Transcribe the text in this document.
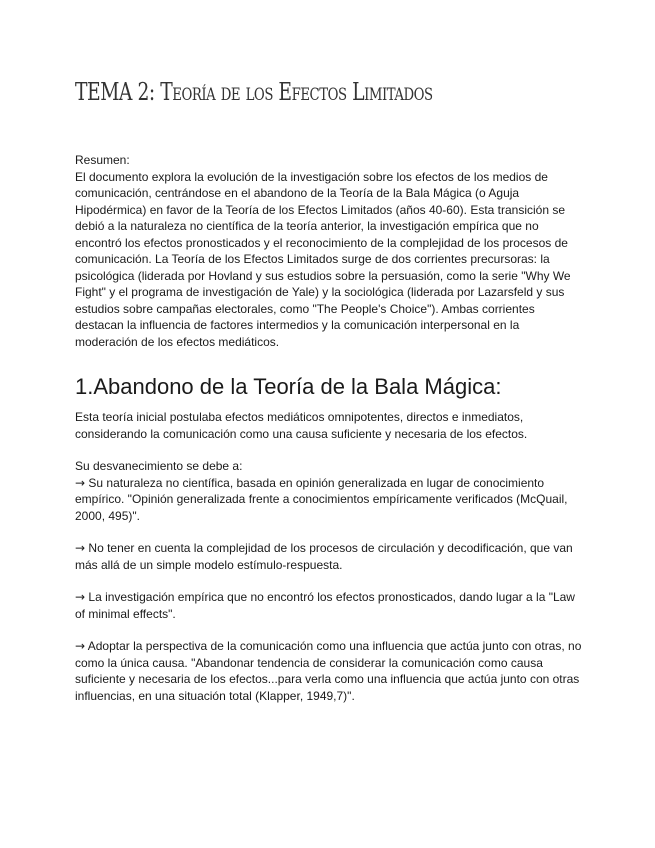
TEMA 2: Teoría de los Efectos Limitados

Resumen:

El documento explora la evolución de la investigación sobre los efectos de los medios de comunicación, centrándose en el abandono de la Teoría de la Bala Mágica (o Aguja Hipodérmica) en favor de la Teoría de los Efectos Limitados (años 40-60). Esta transición se debió a la naturaleza no científica de la teoría anterior, la investigación empírica que no encontró los efectos pronosticados y el reconocimiento de la complejidad de los procesos de comunicación. La Teoría de los Efectos Limitados surge de dos corrientes precursoras: la psicológica (liderada por Hovland y sus estudios sobre la persuasión, como la serie "Why We Fight" y el programa de investigación de Yale) y la sociológica (liderada por Lazarsfeld y sus estudios sobre campañas electorales, como "The People's Choice"). Ambas corrientes destacan la influencia de factores intermedios y la comunicación interpersonal en la moderación de los efectos mediáticos.

1.Abandono de la Teoría de la Bala Mágica:

Esta teoría inicial postulaba efectos mediáticos omnipotentes, directos e inmediatos, considerando la comunicación como una causa suficiente y necesaria de los efectos.

Su desvanecimiento se debe a:

→ Su naturaleza no científica, basada en opinión generalizada en lugar de conocimiento empírico. "Opinión generalizada frente a conocimientos empíricamente verificados (McQuail, 2000, 495)".

→ No tener en cuenta la complejidad de los procesos de circulación y decodificación, que van más allá de un simple modelo estímulo-respuesta.

→ La investigación empírica que no encontró los efectos pronosticados, dando lugar a la "Law of minimal effects".

→ Adoptar la perspectiva de la comunicación como una influencia que actúa junto con otras, no como la única causa. "Abandonar tendencia de considerar la comunicación como causa suficiente y necesaria de los efectos...para verla como una influencia que actúa junto con otras influencias, en una situación total (Klapper, 1949,7)".
